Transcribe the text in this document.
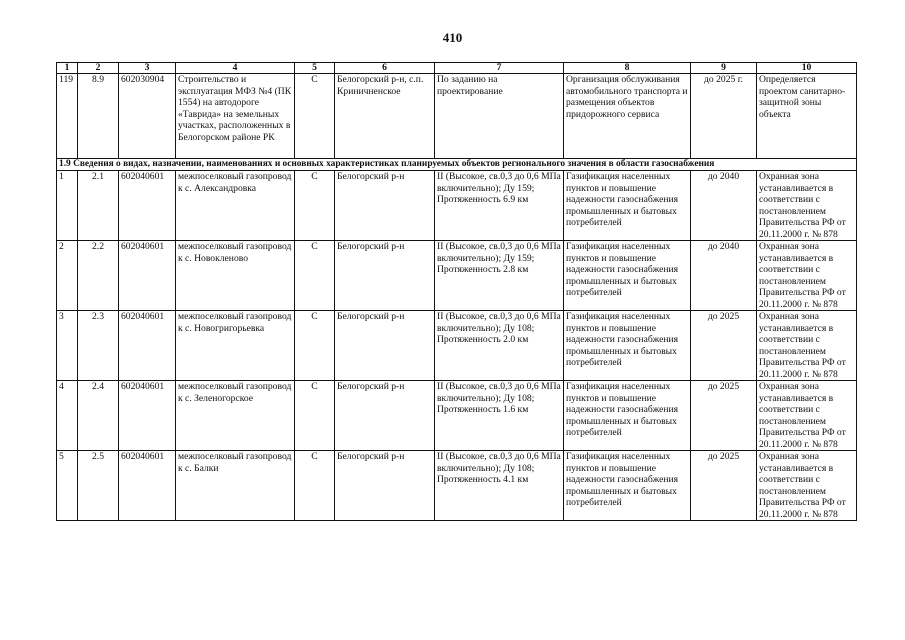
410
1	2	3	4	5	6	7	8	9	10
119	8.9	602030904	Строительство и эксплуатация МФЗ №4 (ПК 1554) на автодороге «Таврида» на земельных участках, расположенных в Белогорском районе РК	С	Белогорский р-н, с.п. Криничненское	По заданию на проектирование	Организация обслуживания автомобильного транспорта и размещения объектов придорожного сервиса	до 2025 г.	Определяется проектом санитарно-защитной зоны объекта
1.9 Сведения о видах, назначении, наименованиях и основных характеристиках планируемых объектов регионального значения в области газоснабжения									
1	2.1	602040601	межпоселковый газопровод к с. Александровка	С	Белогорский р-н	II (Высокое, св.0,3 до 0,6 МПа включительно); Ду 159; Протяженность 6.9 км	Газификация населенных пунктов и повышение надежности газоснабжения промышленных и бытовых потребителей	до 2040	Охранная зона устанавливается в соответствии с постановлением Правительства РФ от 20.11.2000 г. № 878
2	2.2	602040601	межпоселковый газопровод к с. Новокленово	С	Белогорский р-н	II (Высокое, св.0,3 до 0,6 МПа включительно); Ду 159; Протяженность 2.8 км	Газификация населенных пунктов и повышение надежности газоснабжения промышленных и бытовых потребителей	до 2040	Охранная зона устанавливается в соответствии с постановлением Правительства РФ от 20.11.2000 г. № 878
3	2.3	602040601	межпоселковый газопровод к с. Новогригорьевка	С	Белогорский р-н	II (Высокое, св.0,3 до 0,6 МПа включительно); Ду 108; Протяженность 2.0 км	Газификация населенных пунктов и повышение надежности газоснабжения промышленных и бытовых потребителей	до 2025	Охранная зона устанавливается в соответствии с постановлением Правительства РФ от 20.11.2000 г. № 878
4	2.4	602040601	межпоселковый газопровод к с. Зеленогорское	С	Белогорский р-н	II (Высокое, св.0,3 до 0,6 МПа включительно); Ду 108; Протяженность 1.6 км	Газификация населенных пунктов и повышение надежности газоснабжения промышленных и бытовых потребителей	до 2025	Охранная зона устанавливается в соответствии с постановлением Правительства РФ от 20.11.2000 г. № 878
5	2.5	602040601	межпоселковый газопровод к с. Балки	С	Белогорский р-н	II (Высокое, св.0,3 до 0,6 МПа включительно); Ду 108; Протяженность 4.1 км	Газификация населенных пунктов и повышение надежности газоснабжения промышленных и бытовых потребителей	до 2025	Охранная зона устанавливается в соответствии с постановлением Правительства РФ от 20.11.2000 г. № 878
